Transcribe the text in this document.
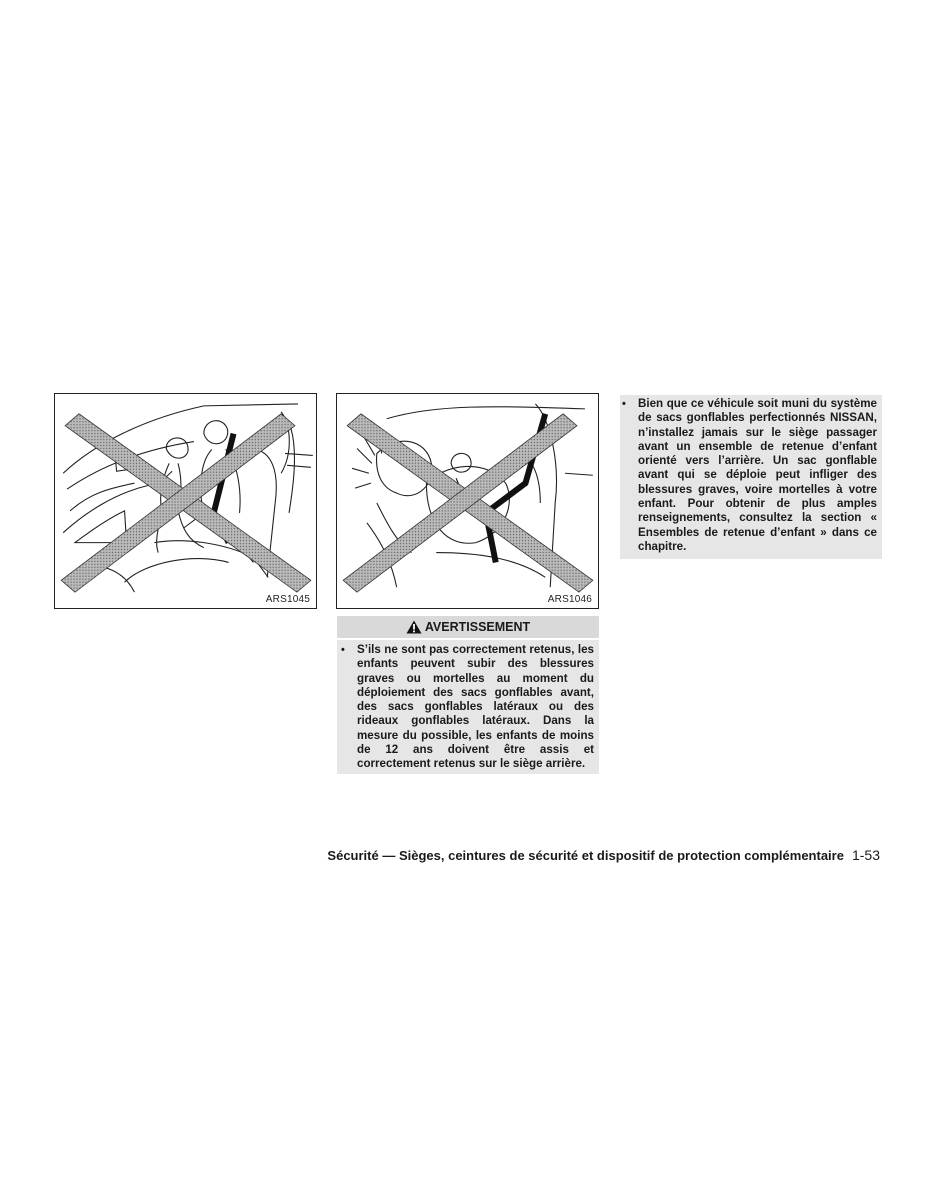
ARS1045	ARS1046
AVERTISSEMENT
•	S’ils ne sont pas correctement retenus, les enfants peuvent subir des blessures graves ou mortelles au moment du déploiement des sacs gonflables avant, des sacs gonflables latéraux ou des rideaux gonflables latéraux. Dans la mesure du possible, les enfants de moins de 12 ans doivent être assis et correctement retenus sur le siège arrière.
•	Bien que ce véhicule soit muni du système de sacs gonflables perfectionnés NISSAN, n’installez jamais sur le siège passager avant un ensemble de retenue d’enfant orienté vers l’arrière. Un sac gonflable avant qui se déploie peut infliger des blessures graves, voire mortelles à votre enfant. Pour obtenir de plus amples renseignements, consultez la section « Ensembles de retenue d’enfant » dans ce chapitre.
Sécurité — Sièges, ceintures de sécurité et dispositif de protection complémentaire 1-53
